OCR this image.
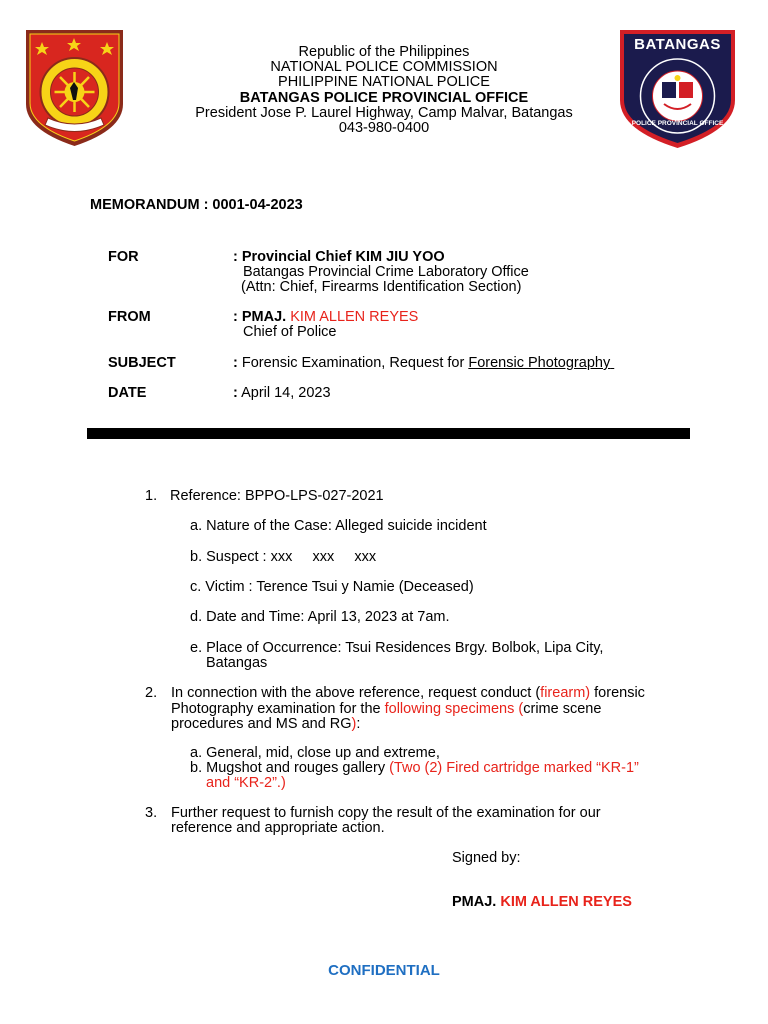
BATANGAS
PRO 4A
POLICE PROVINCIAL OFFICE
Republic of the Philippines
NATIONAL POLICE COMMISSION
PHILIPPINE NATIONAL POLICE
BATANGAS POLICE PROVINCIAL OFFICE
President Jose P. Laurel Highway, Camp Malvar, Batangas
043-980-0400
MEMORANDUM : 0001-04-2023
FOR	: Provincial Chief KIM JIU YOO
Batangas Provincial Crime Laboratory Office
(Attn: Chief, Firearms Identification Section)
FROM	: PMAJ. KIM ALLEN REYES
Chief of Police
SUBJECT	: Forensic Examination, Request for Forensic Photography
DATE	: April 14, 2023
1. Reference: BPPO-LPS-027-2021
a. Nature of the Case: Alleged suicide incident
b. Suspect : xxx     xxx     xxx
c. Victim : Terence Tsui y Namie (Deceased)
d. Date and Time: April 13, 2023 at 7am.
e. Place of Occurrence: Tsui Residences Brgy. Bolbok, Lipa City,
Batangas
2. In connection with the above reference, request conduct (firearm) forensic
Photography examination for the following specimens (crime scene
procedures and MS and RG):
a. General, mid, close up and extreme,
b. Mugshot and rouges gallery (Two (2) Fired cartridge marked “KR-1”
and “KR-2”.)
3. Further request to furnish copy the result of the examination for our
reference and appropriate action.
Signed by:
PMAJ. KIM ALLEN REYES
CONFIDENTIAL
